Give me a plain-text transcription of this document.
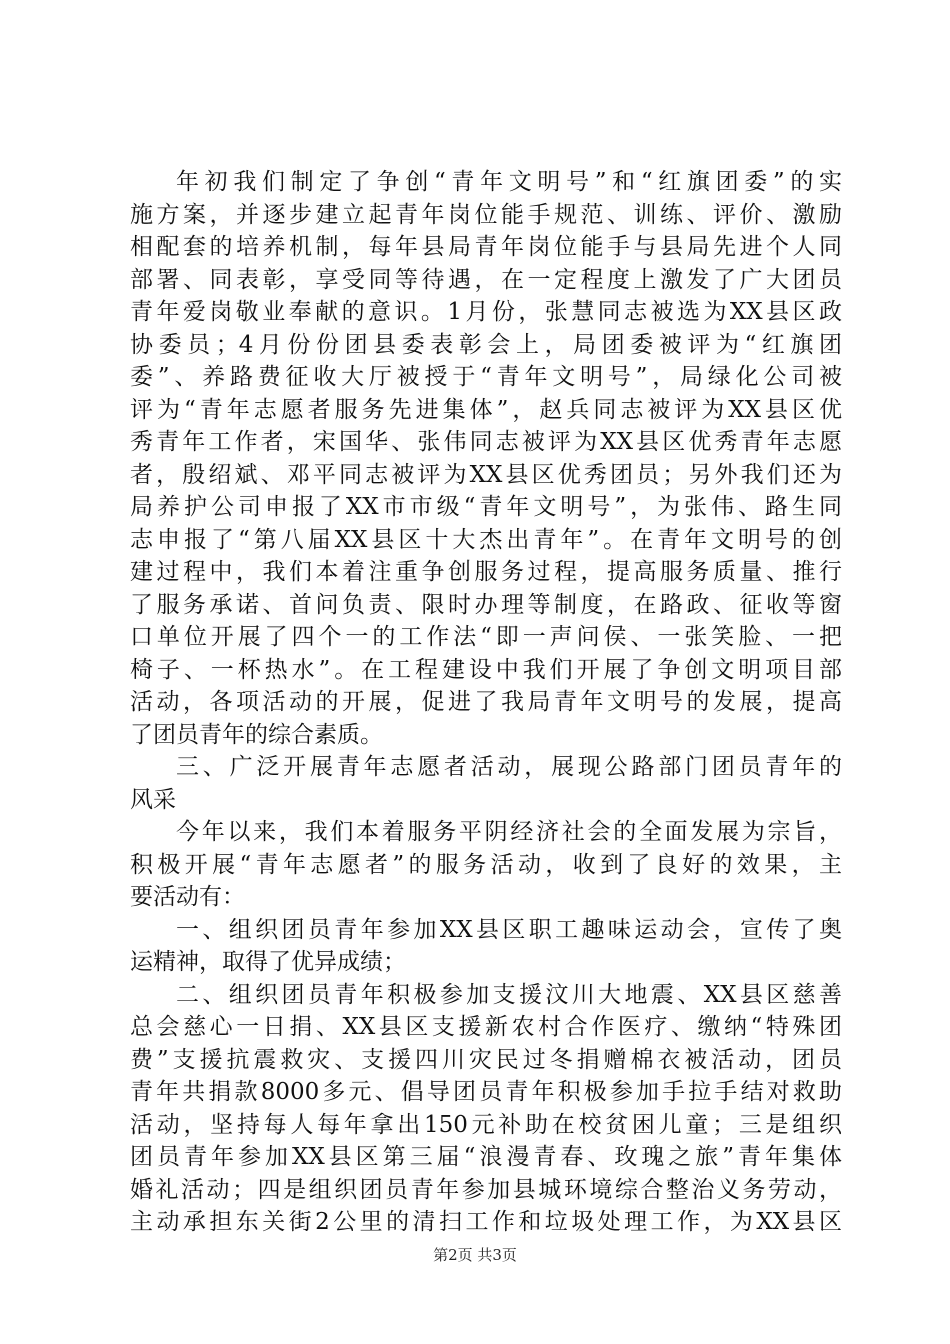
年初我们制定了争创“青年文明号”和“红旗团委”的实
施方案，并逐步建立起青年岗位能手规范、训练、评价、激励
相配套的培养机制，每年县局青年岗位能手与县局先进个人同
部署、同表彰，享受同等待遇，在一定程度上激发了广大团员
青年爱岗敬业奉献的意识。1月份，张慧同志被选为XX县区政
协委员；4月份份团县委表彰会上，局团委被评为“红旗团
委”、养路费征收大厅被授于“青年文明号”，局绿化公司被
评为“青年志愿者服务先进集体”，赵兵同志被评为XX县区优
秀青年工作者，宋国华、张伟同志被评为XX县区优秀青年志愿
者，殷绍斌、邓平同志被评为XX县区优秀团员；另外我们还为
局养护公司申报了XX市市级“青年文明号”，为张伟、路生同
志申报了“第八届XX县区十大杰出青年”。在青年文明号的创
建过程中，我们本着注重争创服务过程，提高服务质量、推行
了服务承诺、首问负责、限时办理等制度，在路政、征收等窗
口单位开展了四个一的工作法“即一声问侯、一张笑脸、一把
椅子、一杯热水”。在工程建设中我们开展了争创文明项目部
活动，各项活动的开展，促进了我局青年文明号的发展，提高
了团员青年的综合素质。
三、广泛开展青年志愿者活动，展现公路部门团员青年的
风采
今年以来，我们本着服务平阴经济社会的全面发展为宗旨，
积极开展“青年志愿者”的服务活动，收到了良好的效果，主
要活动有：
一、组织团员青年参加XX县区职工趣味运动会，宣传了奥
运精神，取得了优异成绩；
二、组织团员青年积极参加支援汶川大地震、XX县区慈善
总会慈心一日捐、XX县区支援新农村合作医疗、缴纳“特殊团
费”支援抗震救灾、支援四川灾民过冬捐赠棉衣被活动，团员
青年共捐款8000多元、倡导团员青年积极参加手拉手结对救助
活动，坚持每人每年拿出150元补助在校贫困儿童；三是组织
团员青年参加XX县区第三届“浪漫青春、玫瑰之旅”青年集体
婚礼活动；四是组织团员青年参加县城环境综合整治义务劳动，
主动承担东关街2公里的清扫工作和垃圾处理工作，为XX县区
第2页 共3页
